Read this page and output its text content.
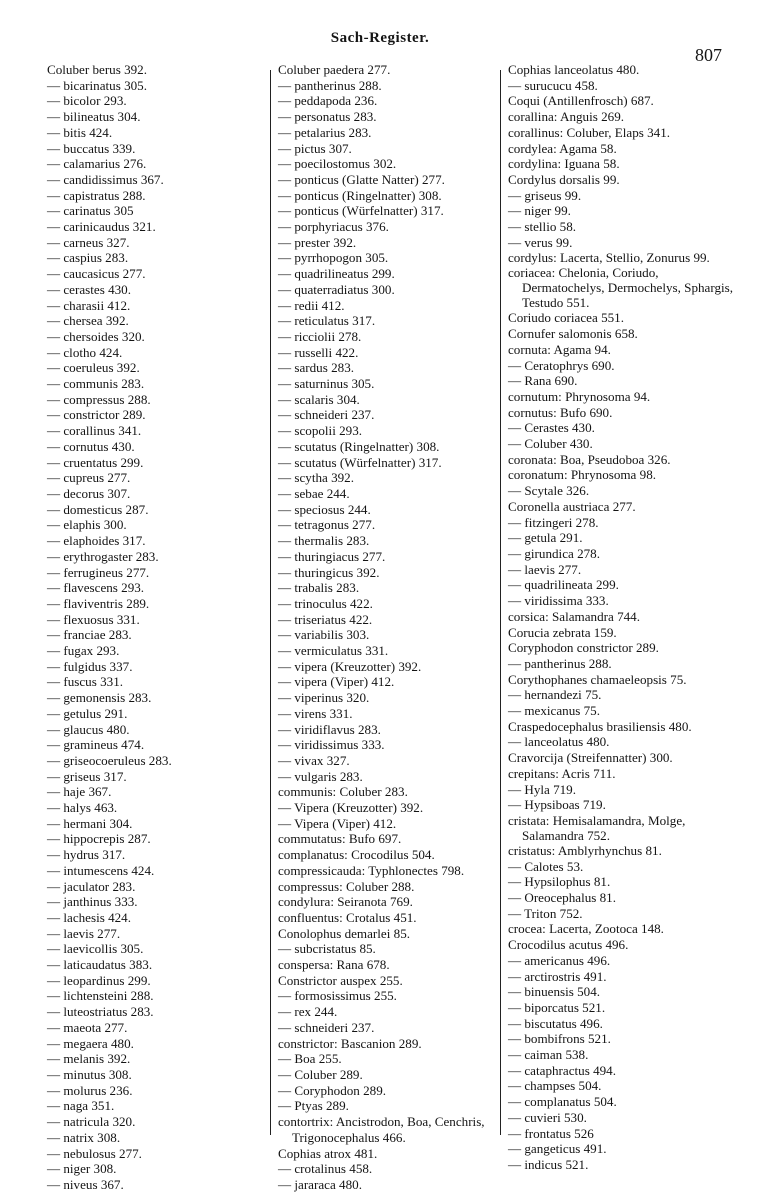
Sach-Register.
807
Coluber berus 392.
— bicarinatus 305.
— bicolor 293.
— bilineatus 304.
— bitis 424.
— buccatus 339.
— calamarius 276.
— candidissimus 367.
— capistratus 288.
— carinatus 305
— carinicaudus 321.
— carneus 327.
— caspius 283.
— caucasicus 277.
— cerastes 430.
— charasii 412.
— chersea 392.
— chersoides 320.
— clotho 424.
— coeruleus 392.
— communis 283.
— compressus 288.
— constrictor 289.
— corallinus 341.
— cornutus 430.
— cruentatus 299.
— cupreus 277.
— decorus 307.
— domesticus 287.
— elaphis 300.
— elaphoides 317.
— erythrogaster 283.
— ferrugineus 277.
— flavescens 293.
— flaviventris 289.
— flexuosus 331.
— franciae 283.
— fugax 293.
— fulgidus 337.
— fuscus 331.
— gemonensis 283.
— getulus 291.
— glaucus 480.
— gramineus 474.
— griseocoeruleus 283.
— griseus 317.
— haje 367.
— halys 463.
— hermani 304.
— hippocrepis 287.
— hydrus 317.
— intumescens 424.
— jaculator 283.
— janthinus 333.
— lachesis 424.
— laevis 277.
— laevicollis 305.
— laticaudatus 383.
— leopardinus 299.
— lichtensteini 288.
— luteostriatus 283.
— maeota 277.
— megaera 480.
— melanis 392.
— minutus 308.
— molurus 236.
— naga 351.
— natricula 320.
— natrix 308.
— nebulosus 277.
— niger 308.
— niveus 367.
Coluber paedera 277.
— pantherinus 288.
— peddapoda 236.
— personatus 283.
— petalarius 283.
— pictus 307.
— poecilostomus 302.
— ponticus (Glatte Natter) 277.
— ponticus (Ringelnatter) 308.
— ponticus (Würfelnatter) 317.
— porphyriacus 376.
— prester 392.
— pyrrhopogon 305.
— quadrilineatus 299.
— quaterradiatus 300.
— redii 412.
— reticulatus 317.
— ricciolii 278.
— russelli 422.
— sardus 283.
— saturninus 305.
— scalaris 304.
— schneideri 237.
— scopolii 293.
— scutatus (Ringelnatter) 308.
— scutatus (Würfelnatter) 317.
— scytha 392.
— sebae 244.
— speciosus 244.
— tetragonus 277.
— thermalis 283.
— thuringiacus 277.
— thuringicus 392.
— trabalis 283.
— trinoculus 422.
— triseriatus 422.
— variabilis 303.
— vermiculatus 331.
— vipera (Kreuzotter) 392.
— vipera (Viper) 412.
— viperinus 320.
— virens 331.
— viridiflavus 283.
— viridissimus 333.
— vivax 327.
— vulgaris 283.
communis: Coluber 283.
— Vipera (Kreuzotter) 392.
— Vipera (Viper) 412.
commutatus: Bufo 697.
complanatus: Crocodilus 504.
compressicauda: Typhlonectes 798.
compressus: Coluber 288.
condylura: Seiranota 769.
confluentus: Crotalus 451.
Conolophus demarlei 85.
— subcristatus 85.
conspersa: Rana 678.
Constrictor auspex 255.
— formosissimus 255.
— rex 244.
— schneideri 237.
constrictor: Bascanion 289.
— Boa 255.
— Coluber 289.
— Coryphodon 289.
— Ptyas 289.
contortrix: Ancistrodon, Boa, Cenchris, Trigonocephalus 466.
Cophias atrox 481.
— crotalinus 458.
— jararaca 480.
Cophias lanceolatus 480.
— surucucu 458.
Coqui (Antillenfrosch) 687.
corallina: Anguis 269.
corallinus: Coluber, Elaps 341.
cordylea: Agama 58.
cordylina: Iguana 58.
Cordylus dorsalis 99.
— griseus 99.
— niger 99.
— stellio 58.
— verus 99.
cordylus: Lacerta, Stellio, Zonurus 99.
coriacea: Chelonia, Coriudo, Dermatochelys, Dermochelys, Sphargis, Testudo 551.
Coriudo coriacea 551.
Cornufer salomonis 658.
cornuta: Agama 94.
— Ceratophrys 690.
— Rana 690.
cornutum: Phrynosoma 94.
cornutus: Bufo 690.
— Cerastes 430.
— Coluber 430.
coronata: Boa, Pseudoboa 326.
coronatum: Phrynosoma 98.
— Scytale 326.
Coronella austriaca 277.
— fitzingeri 278.
— getula 291.
— girundica 278.
— laevis 277.
— quadrilineata 299.
— viridissima 333.
corsica: Salamandra 744.
Corucia zebrata 159.
Coryphodon constrictor 289.
— pantherinus 288.
Corythophanes chamaeleopsis 75.
— hernandezi 75.
— mexicanus 75.
Craspedocephalus brasiliensis 480.
— lanceolatus 480.
Cravorcija (Streifennatter) 300.
crepitans: Acris 711.
— Hyla 719.
— Hypsiboas 719.
cristata: Hemisalamandra, Molge, Salamandra 752.
cristatus: Amblyrhynchus 81.
— Calotes 53.
— Hypsilophus 81.
— Oreocephalus 81.
— Triton 752.
crocea: Lacerta, Zootoca 148.
Crocodilus acutus 496.
— americanus 496.
— arctirostris 491.
— binuensis 504.
— biporcatus 521.
— biscutatus 496.
— bombifrons 521.
— caiman 538.
— cataphractus 494.
— champses 504.
— complanatus 504.
— cuvieri 530.
— frontatus 526
— gangeticus 491.
— indicus 521.
